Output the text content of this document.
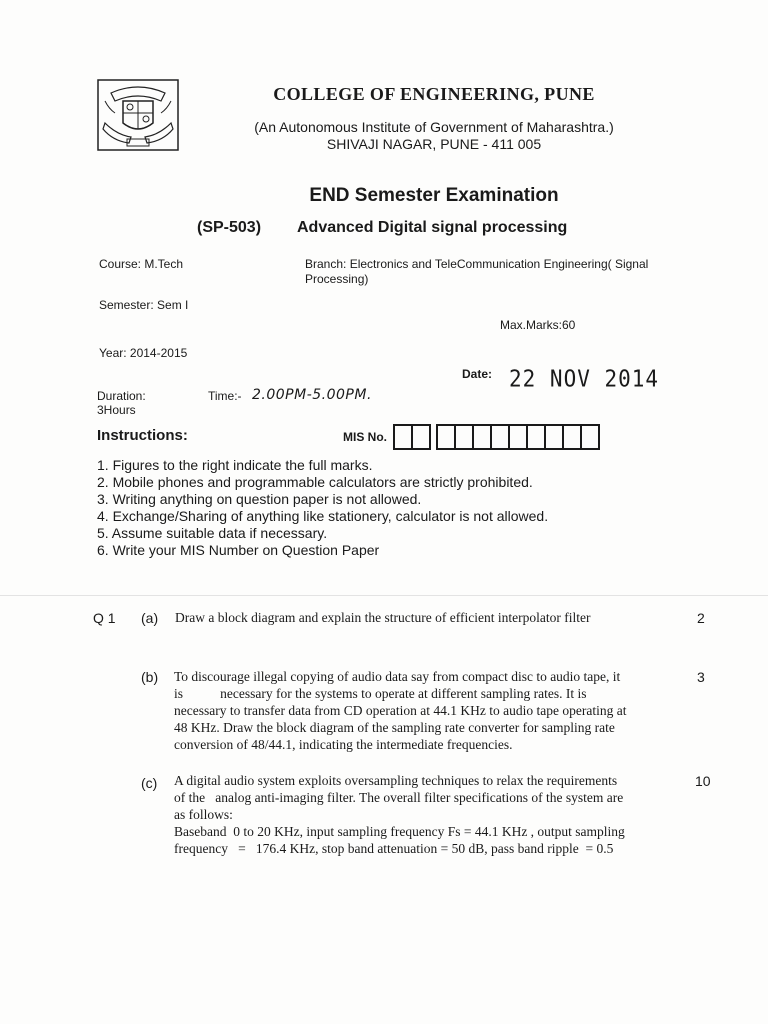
COLLEGE OF ENGINEERING, PUNE
(An Autonomous Institute of Government of Maharashtra.)
SHIVAJI NAGAR, PUNE - 411 005
END Semester Examination
(SP-503) Advanced Digital signal processing
Course: M.Tech	Branch: Electronics and TeleCommunication Engineering( Signal Processing)
Semester: Sem I
Max.Marks:60
Year: 2014-2015
Date: 22 NOV 2014
Duration:
3Hours
Time:- 2.00PM-5.00PM.
Instructions:	MIS No.
1. Figures to the right indicate the full marks.
2. Mobile phones and programmable calculators are strictly prohibited.
3. Writing anything on question paper is not allowed.
4. Exchange/Sharing of anything like stationery, calculator is not allowed.
5. Assume suitable data if necessary.
6. Write your MIS Number on Question Paper
Q 1 (a) Draw a block diagram and explain the structure of efficient interpolator filter	2
(b) To discourage illegal copying of audio data say from compact disc to audio tape, it
is           necessary for the systems to operate at different sampling rates. It is
necessary to transfer data from CD operation at 44.1 KHz to audio tape operating at
48 KHz. Draw the block diagram of the sampling rate converter for sampling rate
conversion of 48/44.1, indicating the intermediate frequencies.
3
(c) A digital audio system exploits oversampling techniques to relax the requirements
of the   analog anti-imaging filter. The overall filter specifications of the system are
as follows:
Baseband  0 to 20 KHz, input sampling frequency Fs = 44.1 KHz , output sampling
frequency   =   176.4 KHz, stop band attenuation = 50 dB, pass band ripple  = 0.5
10
